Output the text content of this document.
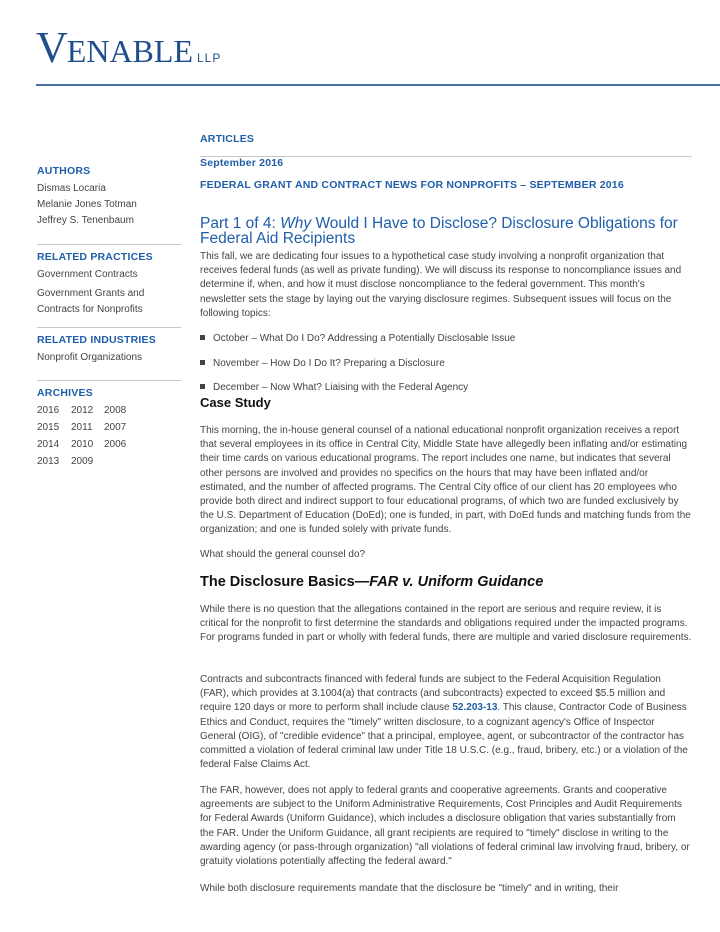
VENABLE LLP
AUTHORS
Dismas Locaria
Melanie Jones Totman
Jeffrey S. Tenenbaum
RELATED PRACTICES
Government Contracts
Government Grants and Contracts for Nonprofits
RELATED INDUSTRIES
Nonprofit Organizations
ARCHIVES
2016	2012	2008
2015	2011	2007
2014	2010	2006
2013	2009
ARTICLES
September 2016
FEDERAL GRANT AND CONTRACT NEWS FOR NONPROFITS – SEPTEMBER 2016
Part 1 of 4: Why Would I Have to Disclose? Disclosure Obligations for Federal Aid Recipients
This fall, we are dedicating four issues to a hypothetical case study involving a nonprofit organization that receives federal funds (as well as private funding). We will discuss its response to noncompliance issues and determine if, when, and how it must disclose noncompliance to the federal government. This month's newsletter sets the stage by laying out the varying disclosure regimes. Subsequent issues will focus on the following topics:
October – What Do I Do? Addressing a Potentially Disclosable Issue
November – How Do I Do It? Preparing a Disclosure
December – Now What? Liaising with the Federal Agency
Case Study
This morning, the in-house general counsel of a national educational nonprofit organization receives a report that several employees in its office in Central City, Middle State have allegedly been inflating and/or estimating their time cards on various educational programs. The report includes one name, but indicates that several other persons are involved and provides no specifics on the hours that may have been inflated and/or estimated, and the number of affected programs. The Central City office of our client has 20 employees who provide both direct and indirect support to four educational programs, of which two are funded exclusively by the U.S. Department of Education (DoEd); one is funded, in part, with DoEd funds and matching funds from the organization; and one is funded solely with private funds.
What should the general counsel do?
The Disclosure Basics—FAR v. Uniform Guidance
While there is no question that the allegations contained in the report are serious and require review, it is critical for the nonprofit to first determine the standards and obligations required under the impacted programs. For programs funded in part or wholly with federal funds, there are multiple and varied disclosure requirements.
Contracts and subcontracts financed with federal funds are subject to the Federal Acquisition Regulation (FAR), which provides at 3.1004(a) that contracts (and subcontracts) expected to exceed $5.5 million and require 120 days or more to perform shall include clause 52.203-13. This clause, Contractor Code of Business Ethics and Conduct, requires the "timely" written disclosure, to a cognizant agency's Office of Inspector General (OIG), of "credible evidence" that a principal, employee, agent, or subcontractor of the contractor has committed a violation of federal criminal law under Title 18 U.S.C. (e.g., fraud, bribery, etc.) or a violation of the federal False Claims Act.
The FAR, however, does not apply to federal grants and cooperative agreements. Grants and cooperative agreements are subject to the Uniform Administrative Requirements, Cost Principles and Audit Requirements for Federal Awards (Uniform Guidance), which includes a disclosure obligation that varies substantially from the FAR. Under the Uniform Guidance, all grant recipients are required to "timely" disclose in writing to the awarding agency (or pass-through organization) "all violations of federal criminal law involving fraud, bribery, or gratuity violations potentially affecting the federal award."
While both disclosure requirements mandate that the disclosure be "timely" and in writing, their
